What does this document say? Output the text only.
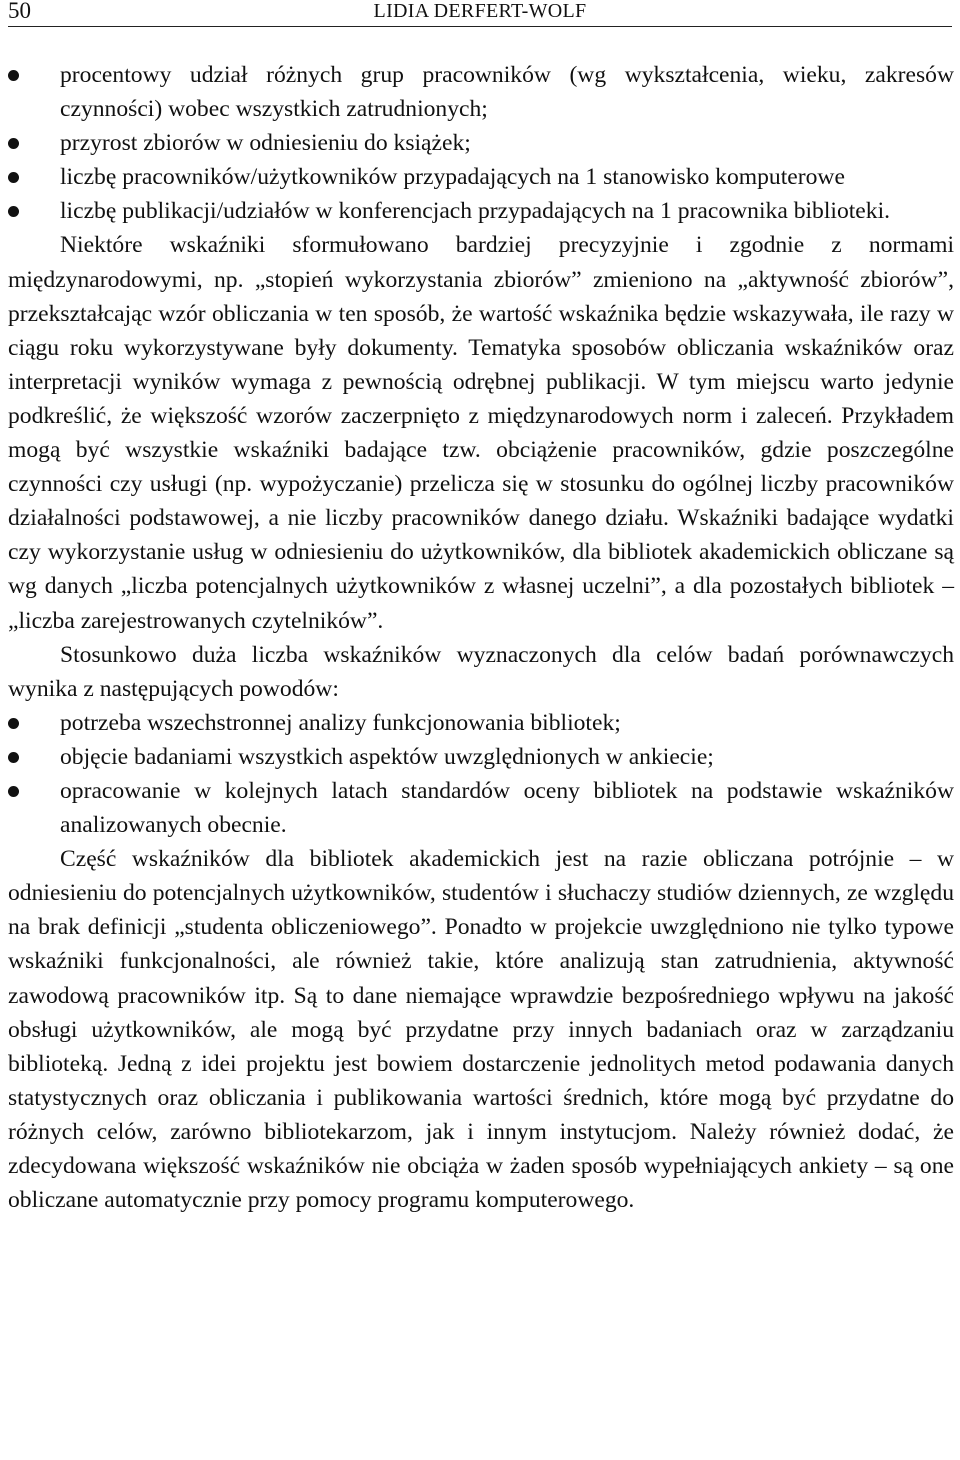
50	LIDIA DERFERT-WOLF
procentowy udział różnych grup pracowników (wg wykształcenia, wieku, zakresów czynności) wobec wszystkich zatrudnionych;
przyrost zbiorów w odniesieniu do książek;
liczbę pracowników/użytkowników przypadających na 1 stanowisko komputerowe
liczbę publikacji/udziałów w konferencjach przypadających na 1 pracownika biblioteki.

Niektóre wskaźniki sformułowano bardziej precyzyjnie i zgodnie z normami międzynarodowymi, np. „stopień wykorzystania zbiorów” zmieniono na „aktywność zbiorów”, przekształcając wzór obliczania w ten sposób, że wartość wskaźnika będzie wskazywała, ile razy w ciągu roku wykorzystywane były dokumenty. Tematyka sposobów obliczania wskaźników oraz interpretacji wyników wymaga z pewnością odrębnej publikacji. W tym miejscu warto jedynie podkreślić, że większość wzorów zaczerpnięto z międzynarodowych norm i zaleceń. Przykładem mogą być wszystkie wskaźniki badające tzw. obciążenie pracowników, gdzie poszczególne czynności czy usługi (np. wypożyczanie) przelicza się w stosunku do ogólnej liczby pracowników działalności podstawowej, a nie liczby pracowników danego działu. Wskaźniki badające wydatki czy wykorzystanie usług w odniesieniu do użytkowników, dla bibliotek akademickich obliczane są wg danych „liczba potencjalnych użytkowników z własnej uczelni”, a dla pozostałych bibliotek – „liczba zarejestrowanych czytelników”.

Stosunkowo duża liczba wskaźników wyznaczonych dla celów badań porównawczych wynika z następujących powodów:

potrzeba wszechstronnej analizy funkcjonowania bibliotek;
objęcie badaniami wszystkich aspektów uwzględnionych w ankiecie;
opracowanie w kolejnych latach standardów oceny bibliotek na podstawie wskaźników analizowanych obecnie.

Część wskaźników dla bibliotek akademickich jest na razie obliczana potrójnie – w odniesieniu do potencjalnych użytkowników, studentów i słuchaczy studiów dziennych, ze względu na brak definicji „studenta obliczeniowego”. Ponadto w projekcie uwzględniono nie tylko typowe wskaźniki funkcjonalności, ale również takie, które analizują stan zatrudnienia, aktywność zawodową pracowników itp. Są to dane niemające wprawdzie bezpośredniego wpływu na jakość obsługi użytkowników, ale mogą być przydatne przy innych badaniach oraz w zarządzaniu biblioteką. Jedną z idei projektu jest bowiem dostarczenie jednolitych metod podawania danych statystycznych oraz obliczania i publikowania wartości średnich, które mogą być przydatne do różnych celów, zarówno bibliotekarzom, jak i innym instytucjom. Należy również dodać, że zdecydowana większość wskaźników nie obciąża w żaden sposób wypełniających ankiety – są one obliczane automatycznie przy pomocy programu komputerowego.
